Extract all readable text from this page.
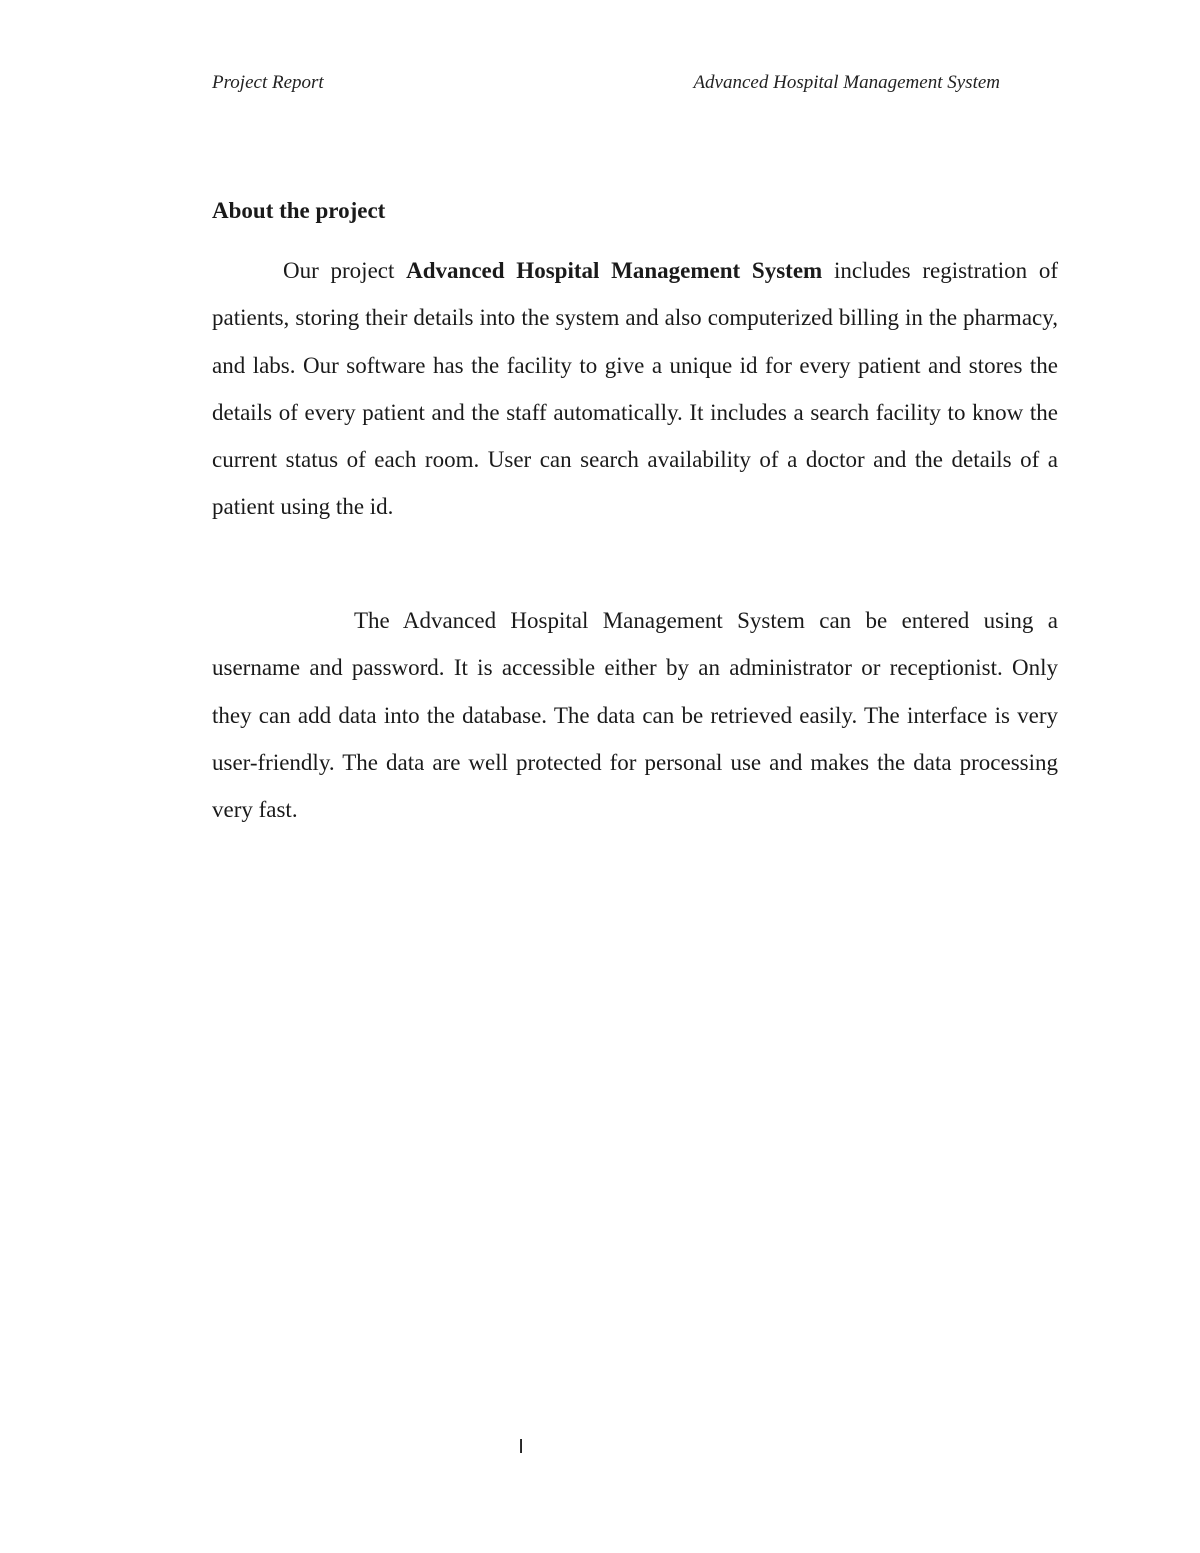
Project Report	Advanced Hospital Management System
About the project

Our project Advanced Hospital Management System includes registration of patients, storing their details into the system and also computerized billing in the pharmacy, and labs. Our software has the facility to give a unique id for every patient and stores the details of every patient and the staff automatically. It includes a search facility to know the current status of each room. User can search availability of a doctor and the details of a patient using the id.

The Advanced Hospital Management System can be entered using a username and password. It is accessible either by an administrator or receptionist. Only they can add data into the database. The data can be retrieved easily. The interface is very user-friendly. The data are well protected for personal use and makes the data processing very fast.

I
